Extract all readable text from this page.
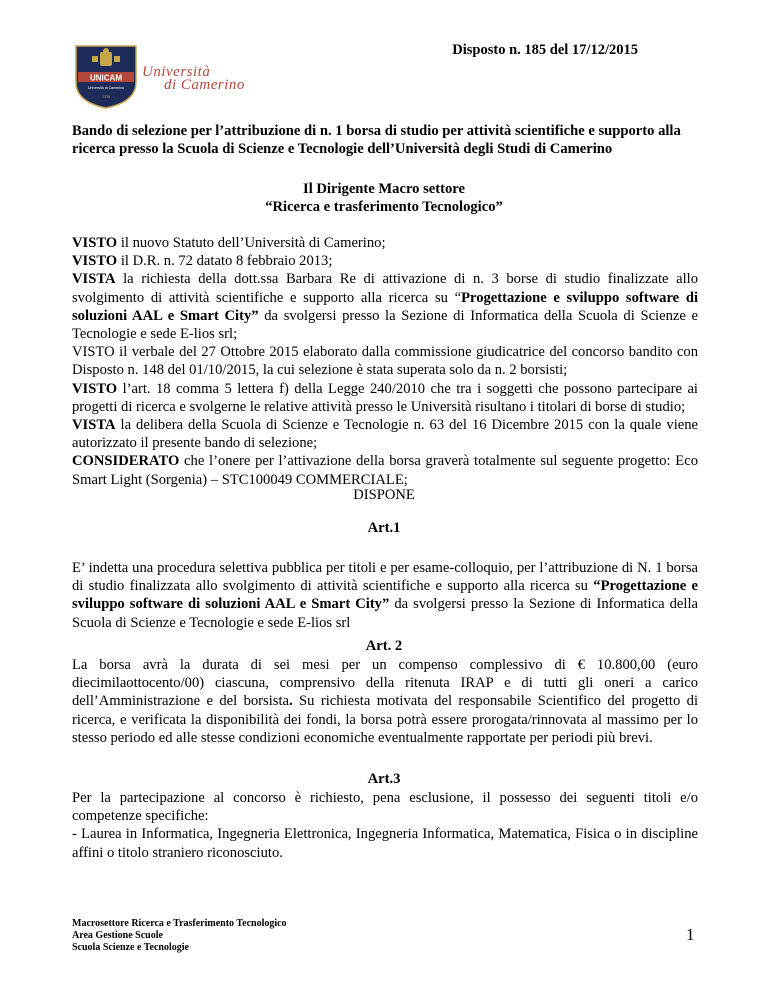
UNICAM
Università di Camerino
1336
Università
di Camerino
Disposto n. 185 del 17/12/2015
Bando di selezione per l’attribuzione di n. 1 borsa di studio per attività scientifiche e supporto alla ricerca presso la Scuola di Scienze e Tecnologie dell’Università degli Studi di Camerino
Il Dirigente Macro settore
“Ricerca e trasferimento Tecnologico”

VISTO il nuovo Statuto dell’Università di Camerino;

VISTO il D.R. n. 72 datato 8 febbraio 2013;

VISTA la richiesta della dott.ssa Barbara Re di attivazione di n. 3 borse di studio finalizzate allo svolgimento di attività scientifiche e supporto alla ricerca su “Progettazione e sviluppo software di soluzioni AAL e Smart City” da svolgersi presso la Sezione di Informatica della Scuola di Scienze e Tecnologie e sede E-lios srl;

VISTO il verbale del 27 Ottobre 2015 elaborato dalla commissione giudicatrice del concorso bandito con Disposto n. 148 del 01/10/2015, la cui selezione è stata superata solo da n. 2 borsisti;

VISTO l’art. 18 comma 5 lettera f) della Legge 240/2010 che tra i soggetti che possono partecipare ai progetti di ricerca e svolgerne le relative attività presso le Università risultano i titolari di borse di studio;

VISTA la delibera della Scuola di Scienze e Tecnologie n. 63 del 16 Dicembre 2015 con la quale viene autorizzato il presente bando di selezione;

CONSIDERATO che l’onere per l’attivazione della borsa graverà totalmente sul seguente progetto: Eco Smart Light (Sorgenia) – STC100049 COMMERCIALE;

DISPONE
Art.1

E’ indetta una procedura selettiva pubblica per titoli e per esame-colloquio, per l’attribuzione di N. 1 borsa di studio finalizzata allo svolgimento di attività scientifiche e supporto alla ricerca su “Progettazione e sviluppo software di soluzioni AAL e Smart City” da svolgersi presso la Sezione di Informatica della Scuola di Scienze e Tecnologie e sede E-lios srl

Art. 2

La borsa avrà la durata di sei mesi per un compenso complessivo di € 10.800,00 (euro diecimilaottocento/00) ciascuna, comprensivo della ritenuta IRAP e di tutti gli oneri a carico dell’Amministrazione e del borsista. Su richiesta motivata del responsabile Scientifico del progetto di ricerca, e verificata la disponibilità dei fondi, la borsa potrà essere prorogata/rinnovata al massimo per lo stesso periodo ed alle stesse condizioni economiche eventualmente rapportate per periodi più brevi.

Art.3

Per la partecipazione al concorso è richiesto, pena esclusione, il possesso dei seguenti titoli e/o competenze specifiche:

- Laurea in Informatica, Ingegneria Elettronica, Ingegneria Informatica, Matematica, Fisica o in discipline affini o titolo straniero riconosciuto.

Macrosettore Ricerca e Trasferimento Tecnologico
Area Gestione Scuole
Scuola Scienze e Tecnologie
1
